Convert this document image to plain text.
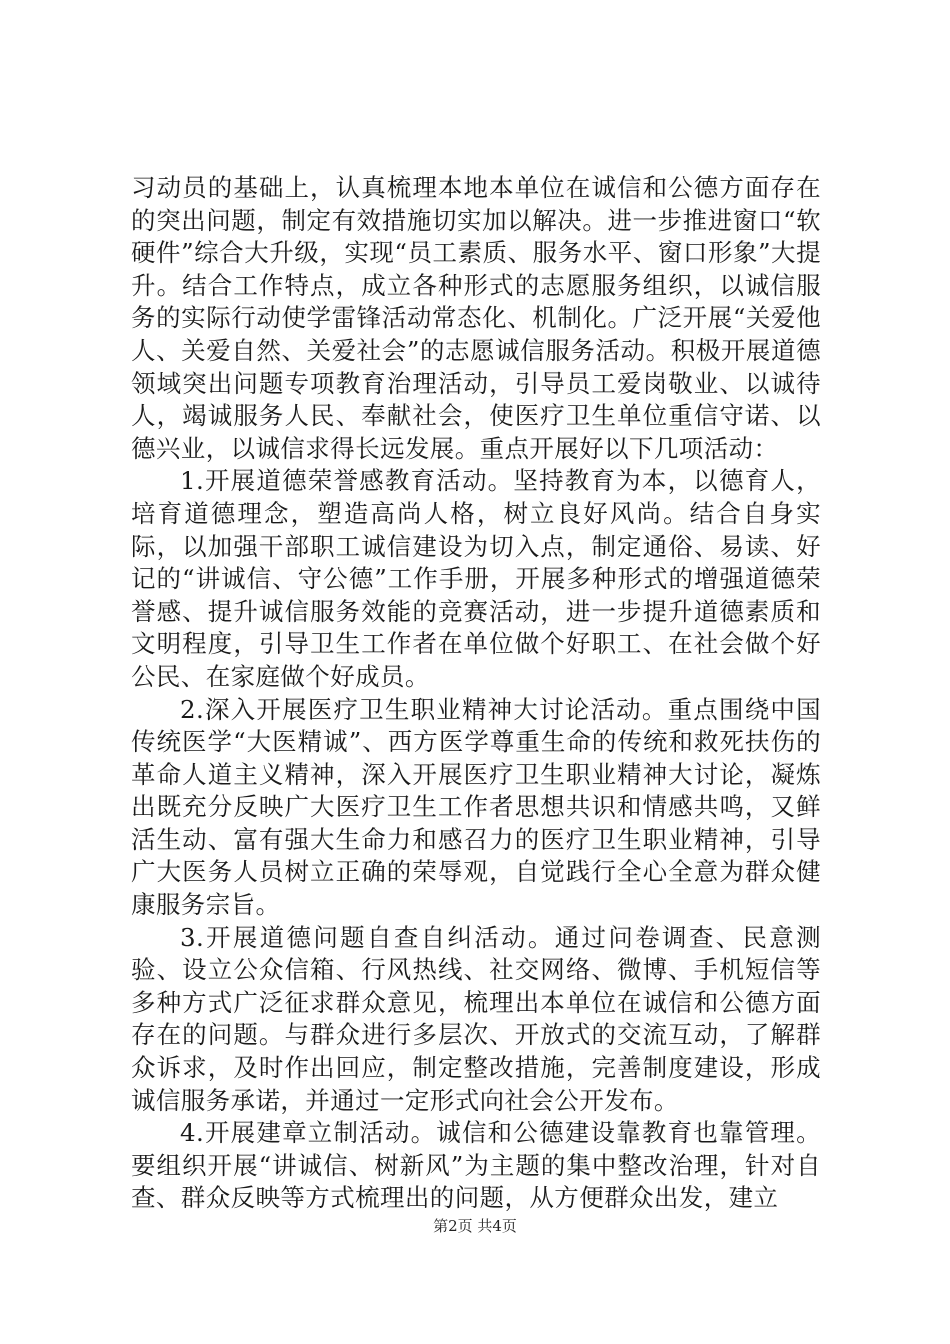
习动员的基础上，认真梳理本地本单位在诚信和公德方面存在的突出问题，制定有效措施切实加以解决。进一步推进窗口“软硬件”综合大升级，实现“员工素质、服务水平、窗口形象”大提升。结合工作特点，成立各种形式的志愿服务组织，以诚信服务的实际行动使学雷锋活动常态化、机制化。广泛开展“关爱他人、关爱自然、关爱社会”的志愿诚信服务活动。积极开展道德领域突出问题专项教育治理活动，引导员工爱岗敬业、以诚待人，竭诚服务人民、奉献社会，使医疗卫生单位重信守诺、以德兴业，以诚信求得长远发展。重点开展好以下几项活动：

1.开展道德荣誉感教育活动。坚持教育为本，以德育人，培育道德理念，塑造高尚人格，树立良好风尚。结合自身实际，以加强干部职工诚信建设为切入点，制定通俗、易读、好记的“讲诚信、守公德”工作手册，开展多种形式的增强道德荣誉感、提升诚信服务效能的竞赛活动，进一步提升道德素质和文明程度，引导卫生工作者在单位做个好职工、在社会做个好公民、在家庭做个好成员。

2.深入开展医疗卫生职业精神大讨论活动。重点围绕中国传统医学“大医精诚”、西方医学尊重生命的传统和救死扶伤的革命人道主义精神，深入开展医疗卫生职业精神大讨论，凝炼出既充分反映广大医疗卫生工作者思想共识和情感共鸣，又鲜活生动、富有强大生命力和感召力的医疗卫生职业精神，引导广大医务人员树立正确的荣辱观，自觉践行全心全意为群众健康服务宗旨。

3.开展道德问题自查自纠活动。通过问卷调查、民意测验、设立公众信箱、行风热线、社交网络、微博、手机短信等多种方式广泛征求群众意见，梳理出本单位在诚信和公德方面存在的问题。与群众进行多层次、开放式的交流互动，了解群众诉求，及时作出回应，制定整改措施，完善制度建设，形成诚信服务承诺，并通过一定形式向社会公开发布。

4.开展建章立制活动。诚信和公德建设靠教育也靠管理。要组织开展“讲诚信、树新风”为主题的集中整改治理，针对自查、群众反映等方式梳理出的问题，从方便群众出发，建立

第2页 共4页
